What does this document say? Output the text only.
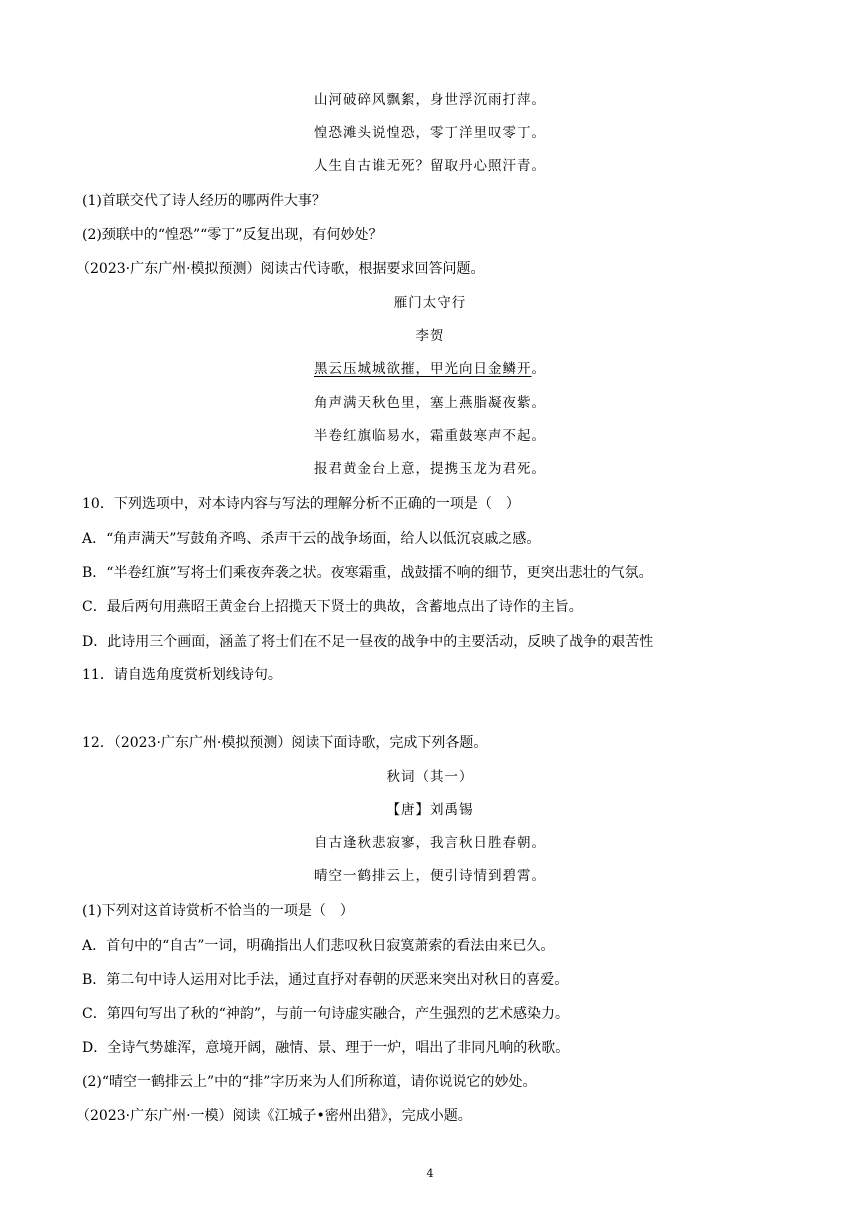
山河破碎风飘絮，身世浮沉雨打萍。
惶恐滩头说惶恐，零丁洋里叹零丁。
人生自古谁无死？留取丹心照汗青。
(1)首联交代了诗人经历的哪两件大事？
(2)颈联中的“惶恐”“零丁”反复出现，有何妙处？
（2023·广东广州·模拟预测）阅读古代诗歌，根据要求回答问题。
雁门太守行
李贺
黑云压城城欲摧，甲光向日金鳞开。
角声满天秋色里，塞上燕脂凝夜紫。
半卷红旗临易水，霜重鼓寒声不起。
报君黄金台上意，提携玉龙为君死。
10．下列选项中，对本诗内容与写法的理解分析不正确的一项是（　）
A．“角声满天”写鼓角齐鸣、杀声干云的战争场面，给人以低沉哀戚之感。
B．“半卷红旗”写将士们乘夜奔袭之状。夜寒霜重，战鼓擂不响的细节，更突出悲壮的气氛。
C．最后两句用燕昭王黄金台上招揽天下贤士的典故，含蓄地点出了诗作的主旨。
D．此诗用三个画面，涵盖了将士们在不足一昼夜的战争中的主要活动，反映了战争的艰苦性
11．请自选角度赏析划线诗句。
12．（2023·广东广州·模拟预测）阅读下面诗歌，完成下列各题。
秋词（其一）
【唐】刘禹锡
自古逢秋悲寂寥，我言秋日胜春朝。
晴空一鹤排云上，便引诗情到碧霄。
(1)下列对这首诗赏析不恰当的一项是（　）
A．首句中的“自古”一词，明确指出人们悲叹秋日寂寞萧索的看法由来已久。
B．第二句中诗人运用对比手法，通过直抒对春朝的厌恶来突出对秋日的喜爱。
C．第四句写出了秋的“神韵”，与前一句诗虚实融合，产生强烈的艺术感染力。
D．全诗气势雄浑，意境开阔，融情、景、理于一炉，唱出了非同凡响的秋歌。
(2)“晴空一鹤排云上”中的“排”字历来为人们所称道，请你说说它的妙处。
（2023·广东广州·一模）阅读《江城子•密州出猎》，完成小题。
4
